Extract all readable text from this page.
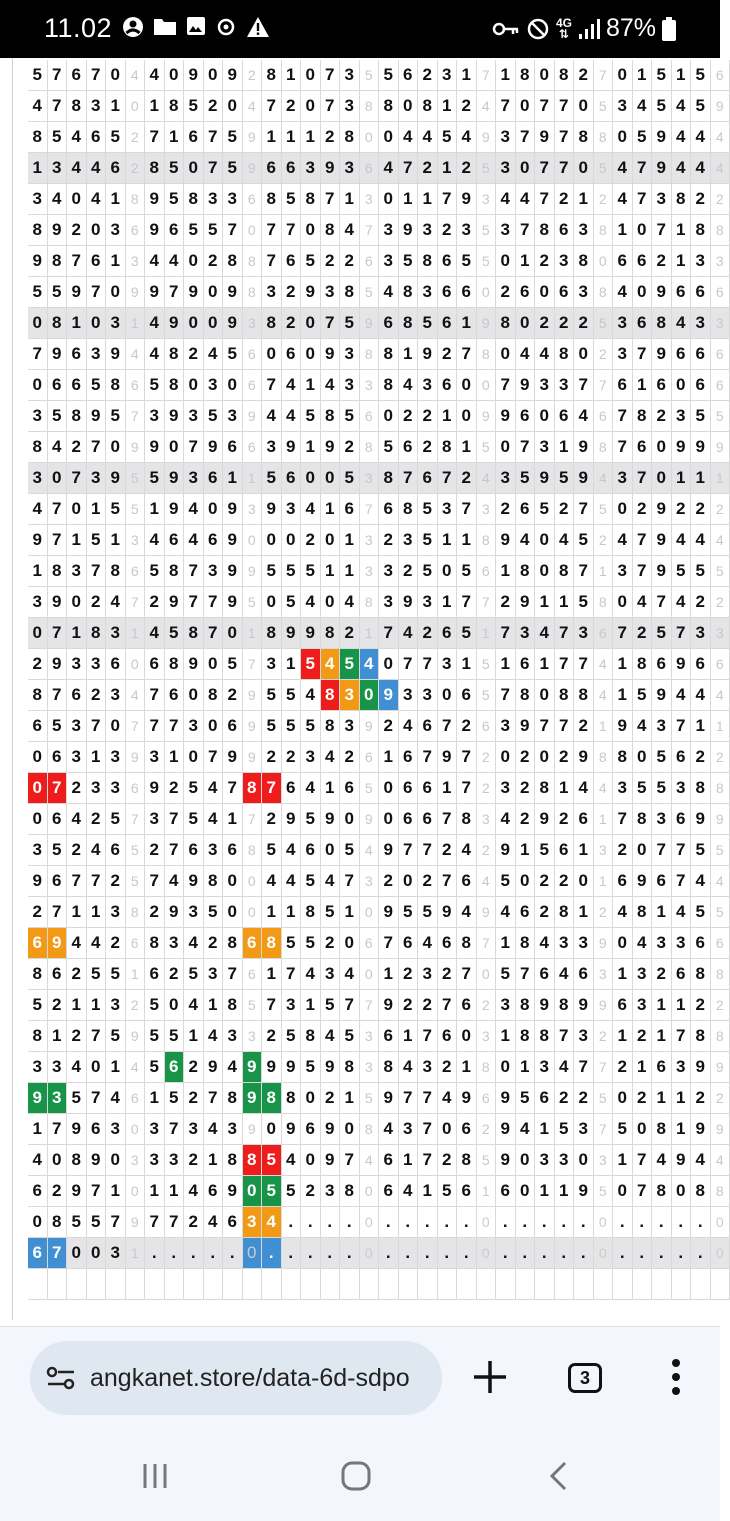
11.02	4G
⇅ 87%
5 7 6 7 0 4 4 0 9 0 9 2 8 1 0 7 3 5 5 6 2 3 1 7 1 8 0 8 2 7 0 1 5 1 5 6
4 7 8 3 1 0 1 8 5 2 0 4 7 2 0 7 3 8 8 0 8 1 2 4 7 0 7 7 0 5 3 4 5 4 5 9
8 5 4 6 5 2 7 1 6 7 5 9 1 1 1 2 8 0 0 4 4 5 4 9 3 7 9 7 8 8 0 5 9 4 4 4
1 3 4 4 6 2 8 5 0 7 5 9 6 6 3 9 3 6 4 7 2 1 2 5 3 0 7 7 0 5 4 7 9 4 4 4
3 4 0 4 1 8 9 5 8 3 3 6 8 5 8 7 1 3 0 1 1 7 9 3 4 4 7 2 1 2 4 7 3 8 2 2
8 9 2 0 3 6 9 6 5 5 7 0 7 7 0 8 4 7 3 9 3 2 3 5 3 7 8 6 3 8 1 0 7 1 8 8
9 8 7 6 1 3 4 4 0 2 8 8 7 6 5 2 2 6 3 5 8 6 5 5 0 1 2 3 8 0 6 6 2 1 3 3
5 5 9 7 0 9 9 7 9 0 9 8 3 2 9 3 8 5 4 8 3 6 6 0 2 6 0 6 3 8 4 0 9 6 6 6
0 8 1 0 3 1 4 9 0 0 9 3 8 2 0 7 5 9 6 8 5 6 1 9 8 0 2 2 2 5 3 6 8 4 3 3
7 9 6 3 9 4 4 8 2 4 5 6 0 6 0 9 3 8 8 1 9 2 7 8 0 4 4 8 0 2 3 7 9 6 6 6
0 6 6 5 8 6 5 8 0 3 0 6 7 4 1 4 3 3 8 4 3 6 0 0 7 9 3 3 7 7 6 1 6 0 6 6
3 5 8 9 5 7 3 9 3 5 3 9 4 4 5 8 5 6 0 2 2 1 0 9 9 6 0 6 4 6 7 8 2 3 5 5
8 4 2 7 0 9 9 0 7 9 6 6 3 9 1 9 2 8 5 6 2 8 1 5 0 7 3 1 9 8 7 6 0 9 9 9
3 0 7 3 9 5 5 9 3 6 1 1 5 6 0 0 5 3 8 7 6 7 2 4 3 5 9 5 9 4 3 7 0 1 1 1
4 7 0 1 5 5 1 9 4 0 9 3 9 3 4 1 6 7 6 8 5 3 7 3 2 6 5 2 7 5 0 2 9 2 2 2
9 7 1 5 1 3 4 6 4 6 9 0 0 0 2 0 1 3 2 3 5 1 1 8 9 4 0 4 5 2 4 7 9 4 4 4
1 8 3 7 8 6 5 8 7 3 9 9 5 5 5 1 1 3 3 2 5 0 5 6 1 8 0 8 7 1 3 7 9 5 5 5
3 9 0 2 4 7 2 9 7 7 9 5 0 5 4 0 4 8 3 9 3 1 7 7 2 9 1 1 5 8 0 4 7 4 2 2
0 7 1 8 3 1 4 5 8 7 0 1 8 9 9 8 2 1 7 4 2 6 5 1 7 3 4 7 3 6 7 2 5 7 3 3
2 9 3 3 6 0 6 8 9 0 5 7 3 1 5 4 5 4 0 7 7 3 1 5 1 6 1 7 7 4 1 8 6 9 6 6
8 7 6 2 3 4 7 6 0 8 2 9 5 5 4 8 3 0 9 3 3 0 6 5 7 8 0 8 8 4 1 5 9 4 4 4
6 5 3 7 0 7 7 7 3 0 6 9 5 5 5 8 3 9 2 4 6 7 2 6 3 9 7 7 2 1 9 4 3 7 1 1
0 6 3 1 3 9 3 1 0 7 9 9 2 2 3 4 2 6 1 6 7 9 7 2 0 2 0 2 9 8 8 0 5 6 2 2
0 7 2 3 3 6 9 2 5 4 7 8 7 6 4 1 6 5 0 6 6 1 7 2 3 2 8 1 4 4 3 5 5 3 8 8
0 6 4 2 5 7 3 7 5 4 1 7 2 9 5 9 0 9 0 6 6 7 8 3 4 2 9 2 6 1 7 8 3 6 9 9
3 5 2 4 6 5 2 7 6 3 6 8 5 4 6 0 5 4 9 7 7 2 4 2 9 1 5 6 1 3 2 0 7 7 5 5
9 6 7 7 2 5 7 4 9 8 0 0 4 4 5 4 7 3 2 0 2 7 6 4 5 0 2 2 0 1 6 9 6 7 4 4
2 7 1 1 3 8 2 9 3 5 0 0 1 1 8 5 1 0 9 5 5 9 4 9 4 6 2 8 1 2 4 8 1 4 5 5
6 9 4 4 2 6 8 3 4 2 8 6 8 5 5 2 0 6 7 6 4 6 8 7 1 8 4 3 3 9 0 4 3 3 6 6
8 6 2 5 5 1 6 2 5 3 7 6 1 7 4 3 4 0 1 2 3 2 7 0 5 7 6 4 6 3 1 3 2 6 8 8
5 2 1 1 3 2 5 0 4 1 8 5 7 3 1 5 7 7 9 2 2 7 6 2 3 8 9 8 9 9 6 3 1 1 2 2
8 1 2 7 5 9 5 5 1 4 3 3 2 5 8 4 5 3 6 1 7 6 0 3 1 8 8 7 3 2 1 2 1 7 8 8
3 3 4 0 1 4 5 6 2 9 4 9 9 9 5 9 8 3 8 4 3 2 1 8 0 1 3 4 7 7 2 1 6 3 9 9
9 3 5 7 4 6 1 5 2 7 8 9 8 8 0 2 1 5 9 7 7 4 9 6 9 5 6 2 2 5 0 2 1 1 2 2
1 7 9 6 3 0 3 7 3 4 3 9 0 9 6 9 0 8 4 3 7 0 6 2 9 4 1 5 3 7 5 0 8 1 9 9
4 0 8 9 0 3 3 3 2 1 8 8 5 4 0 9 7 4 6 1 7 2 8 5 9 0 3 3 0 3 1 7 4 9 4 4
6 2 9 7 1 0 1 1 4 6 9 0 5 5 2 3 8 0 6 4 1 5 6 1 6 0 1 1 9 5 0 7 8 0 8 8
0 8 5 5 7 9 7 7 2 4 6 3 4 . . . . 0 . . . . . 0 . . . . . 0 . . . . . 0
6 7 0 0 3 1 . . . . . 0 . . . . . 0 . . . . . 0 . . . . . 0 . . . . . 0
angkanet.store/data-6d-sdpo	3
